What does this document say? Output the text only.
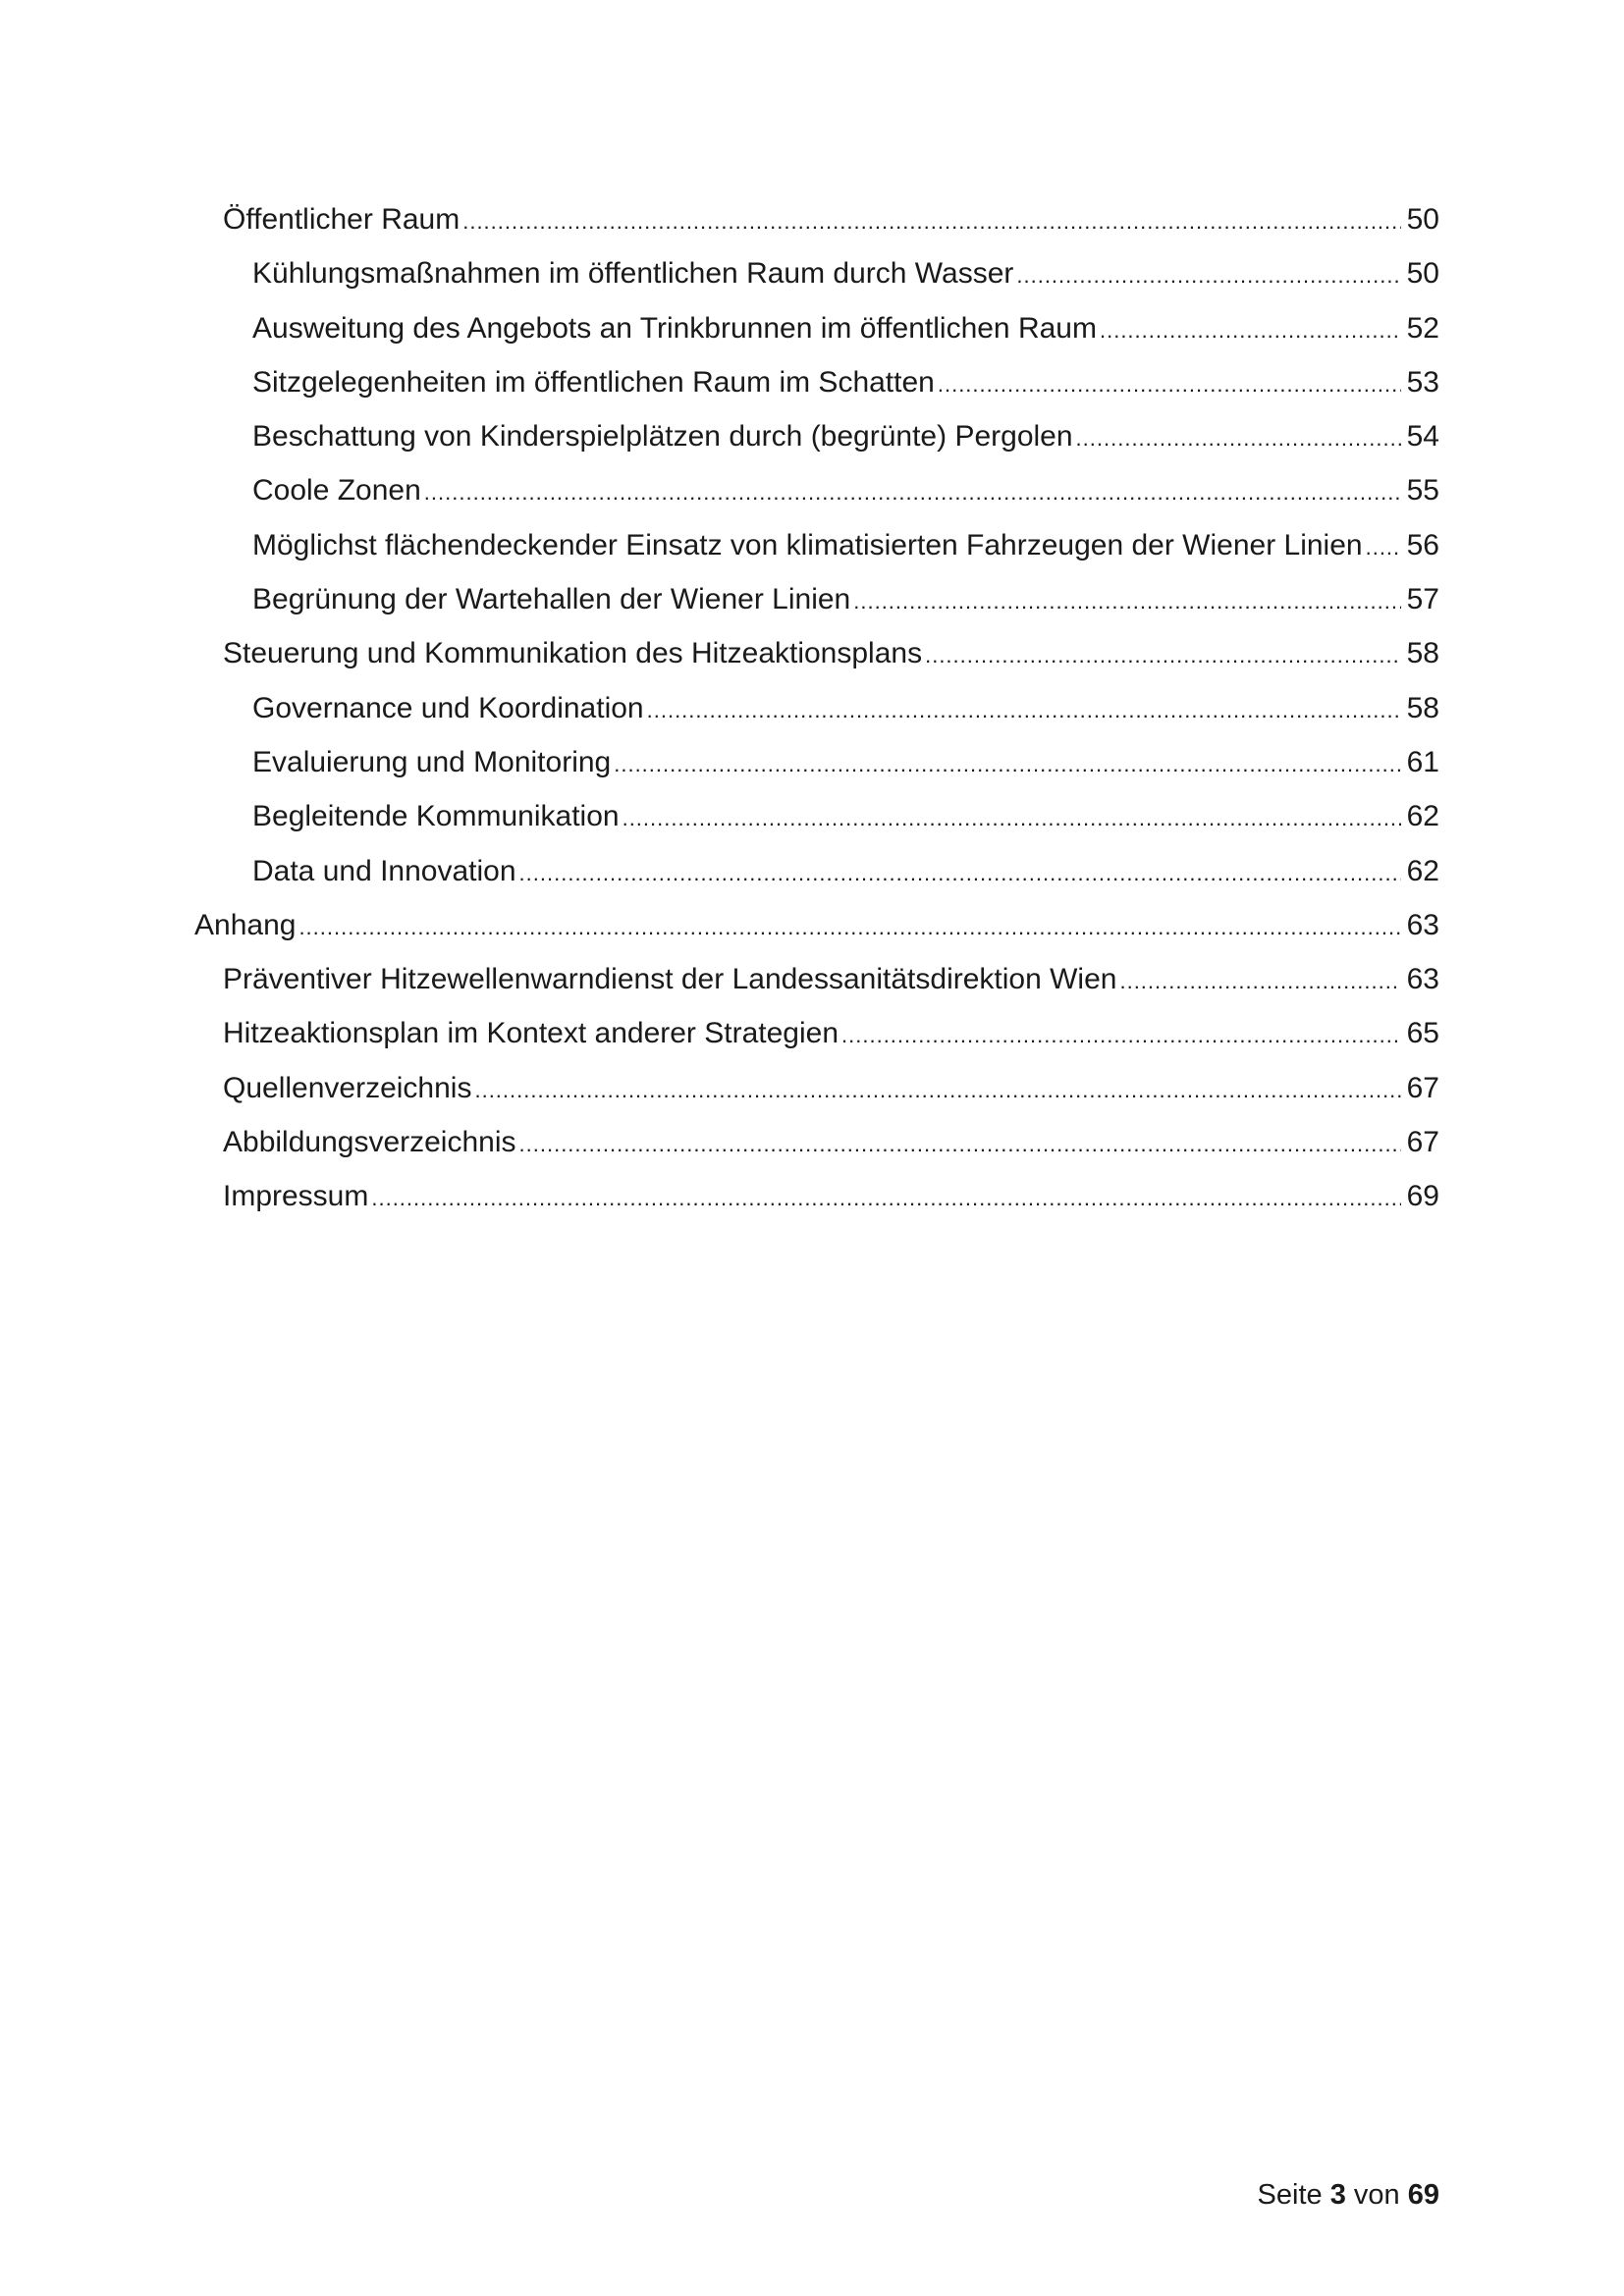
Öffentlicher Raum .....	50
Kühlungsmaßnahmen im öffentlichen Raum durch Wasser .....	50
Ausweitung des Angebots an Trinkbrunnen im öffentlichen Raum .....	52
Sitzgelegenheiten im öffentlichen Raum im Schatten .....	53
Beschattung von Kinderspielplätzen durch (begrünte) Pergolen .....	54
Coole Zonen .....	55
Möglichst flächendeckender Einsatz von klimatisierten Fahrzeugen der Wiener Linien ..... 56
Begrünung der Wartehallen der Wiener Linien .....	57
Steuerung und Kommunikation des Hitzeaktionsplans .....	58
Governance und Koordination .....	58
Evaluierung und Monitoring .....	61
Begleitende Kommunikation .....	62
Data und Innovation .....	62
Anhang .....	63
Präventiver Hitzewellenwarndienst der Landessanitätsdirektion Wien .....	63
Hitzeaktionsplan im Kontext anderer Strategien .....	65
Quellenverzeichnis .....	67
Abbildungsverzeichnis .....	67
Impressum .....	69
Seite 3 von 69
